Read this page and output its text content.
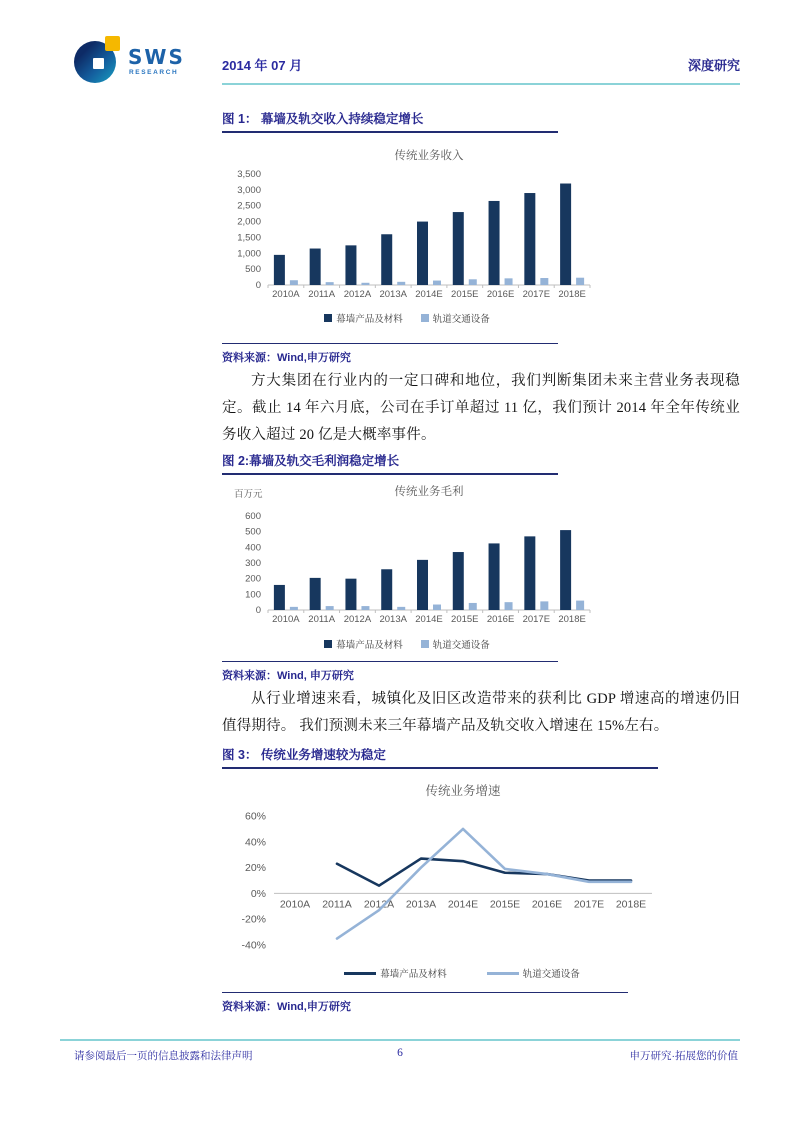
SWS
RESEARCH	2014 年 07 月	深度研究
图 1： 幕墙及轨交收入持续稳定增长
传统业务收入
0
500
1,000
1,500
2,000
2,500
3,000
3,500
2010A 2011A 2012A 2013A 2014E 2015E 2016E 2017E 2018E
幕墙产品及材料	轨道交通设备
资料来源：Wind,申万研究
方大集团在行业内的一定口碑和地位，我们判断集团未来主营业务表现稳定。截止 14 年六月底，公司在手订单超过 11 亿，我们预计 2014 年全年传统业务收入超过 20 亿是大概率事件。
图 2:幕墙及轨交毛利润稳定增长
传统业务毛利
百万元
0
100
200
300
400
500
600
2010A 2011A 2012A 2013A 2014E 2015E 2016E 2017E 2018E
幕墙产品及材料	轨道交通设备
资料来源：Wind, 申万研究
从行业增速来看，城镇化及旧区改造带来的获利比 GDP 增速高的增速仍旧值得期待。 我们预测未来三年幕墙产品及轨交收入增速在 15%左右。
图 3： 传统业务增速较为稳定
传统业务增速
-40%
-20%
0%
20%
40%
60%
2010A 2011A 2012A 2013A 2014E 2015E 2016E 2017E 2018E
幕墙产品及材料	轨道交通设备
资料来源：Wind,申万研究
请参阅最后一页的信息披露和法律声明	6	申万研究·拓展您的价值
